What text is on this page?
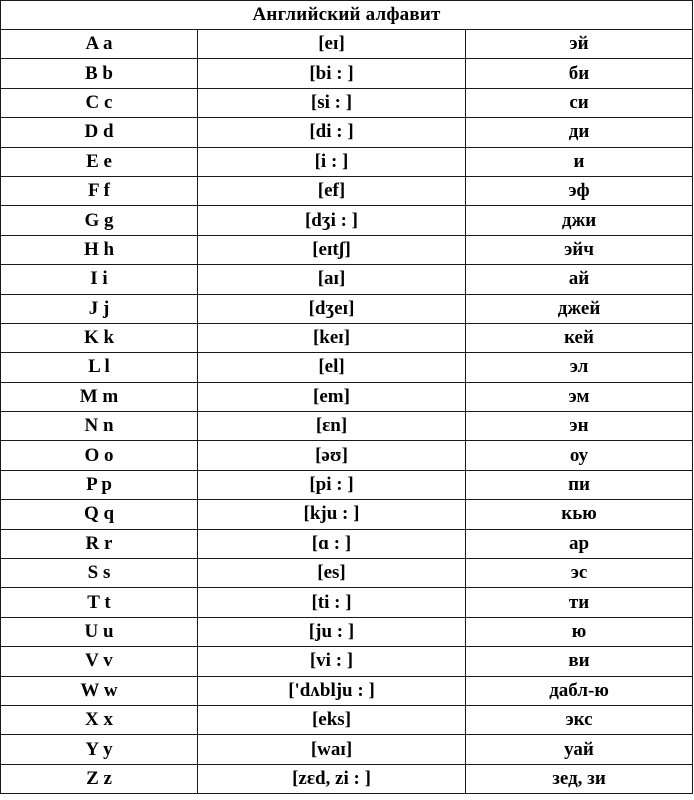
Английский алфавит		
A a	[eɪ]	эй
B b	[bi : ]	би
C c	[si : ]	си
D d	[di : ]	ди
E e	[i : ]	и
F f	[ef]	эф
G g	[dʒi : ]	джи
H h	[eɪtʃ]	эйч
I i	[aɪ]	ай
J j	[dʒeɪ]	джей
K k	[keɪ]	кей
L l	[el]	эл
M m	[em]	эм
N n	[ɛn]	эн
O o	[əʊ]	оу
P p	[pi : ]	пи
Q q	[kju : ]	кью
R r	[ɑ : ]	ар
S s	[es]	эс
T t	[ti : ]	ти
U u	[ju : ]	ю
V v	[vi : ]	ви
W w	['dʌblju : ]	дабл-ю
X x	[eks]	экс
Y y	[waɪ]	уай
Z z	[zɛd, zi : ]	зед, зи
